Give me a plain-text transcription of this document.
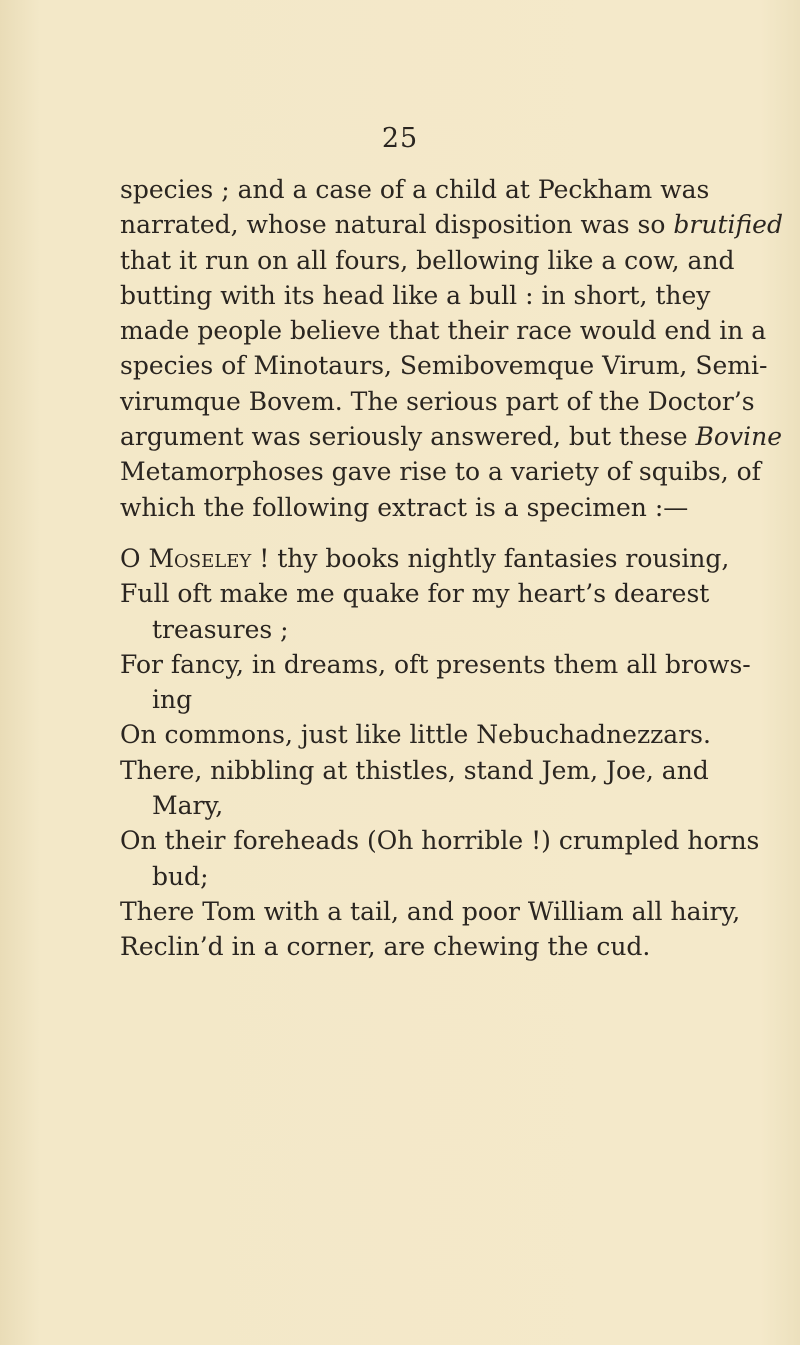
25
species ; and a case of a child at Peckham was
narrated, whose natural disposition was so brutified
that it run on all fours, bellowing like a cow, and
butting with its head like a bull : in short, they
made people believe that their race would end in a
species of Minotaurs, Semibovemque Virum, Semi-
virumque Bovem. The serious part of the Doctor’s
argument was seriously answered, but these Bovine
Metamorphoses gave rise to a variety of squibs, of
which the following extract is a specimen :—
O Moseley ! thy books nightly fantasies rousing,
Full oft make me quake for my heart’s dearest
treasures ;
For fancy, in dreams, oft presents them all brows-
ing
On commons, just like little Nebuchadnezzars.
There, nibbling at thistles, stand Jem, Joe, and
Mary,
On their foreheads (Oh horrible !) crumpled horns
bud;
There Tom with a tail, and poor William all hairy,
Reclin’d in a corner, are chewing the cud.
